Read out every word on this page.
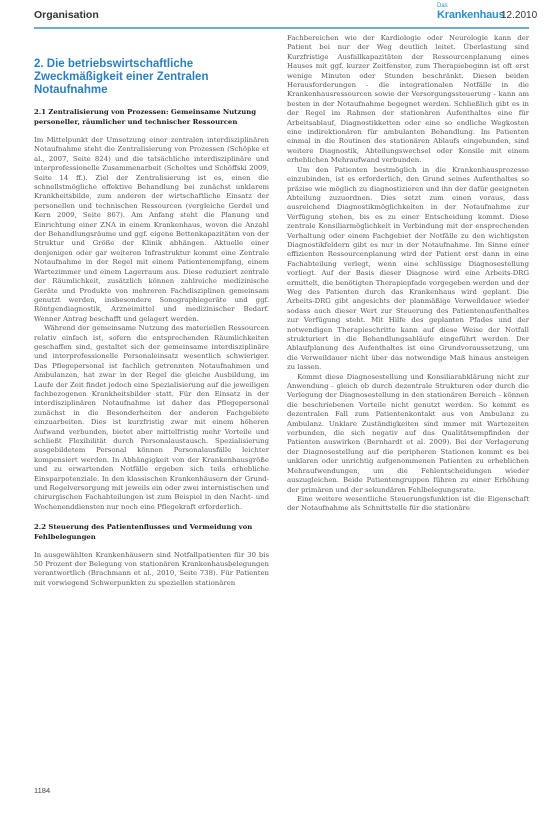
Organisation
Das
Krankenhaus
12.2010
2. Die betriebswirtschaftliche Zweckmäßigkeit einer Zentralen Notaufnahme
2.1 Zentralisierung von Prozessen: Gemeinsame Nutzung personeller, räumlicher und technischer Ressourcen

Im Mittelpunkt der Umsetzung einer zentralen interdisziplinären Notaufnahme steht die Zentralisierung von Prozessen (Schöpke et al., 2007, Seite 824) und die tatsächliche interdisziplinäre und interprofessionelle Zusammenarbeit (Scholtes und Schöffski 2009, Seite 14 ff.). Ziel der Zentralisierung ist es, einen die schnellstmögliche effektive Behandlung bei zunächst unklarem Krankheitsbilde, zum anderen der wirtschaftliche Einsatz der personellen und technischen Ressourcen (vergleiche Gerdel und Kern 2009, Seite 867). Am Anfang steht die Planung und Einrichtung einer ZNA in einem Krankenhaus, wovon die Anzahl der Behandlungsräume und ggf. eigene Bettenkapazitäten von der Struktur und Größe der Klinik abhängen. Aktuelle einer denjenigen oder gar weiteren Infrastruktur kommt eine Zentrale Notaufnahme in der Regel mit einem Patientenempfang, einem Wartezimmer und einem Lagerraum aus. Diese reduziert zentrale der Räumlichkeit, zusätzlich können zahlreiche medizinische Geräte und Produkte von mehreren Fachdisziplinen gemeinsam genutzt werden, insbesondere Sonographiegeräte und ggf. Röntgendiagnostik, Arzneimittel und medizinischer Bedarf. Wenner Antrag beschafft und gelagert werden.

Während der gemeinsame Nutzung des materiellen Ressourcen relativ einfach ist, sofern die entsprechenden Räumlichkeiten geschaffen sind, gestaltet sich der gemeinsame interdisziplinäre und interprofessionelle Personaleinsatz wesentlich schwieriger. Das Pflegepersonal ist fachlich getrennten Notaufnahmen und Ambulanzen, hat zwar in der Regel die gleiche Ausbildung, im Laufe der Zeit findet jedoch eine Spezialisierung auf die jeweiligen fachbezogenen Krankheitsbilder statt. Für den Einsatz in der interdisziplinären Notaufnahme ist daher das Pflegepersonal zunächst in die Besonderheiten der anderen Fachgebiete einzuarbeiten. Dies ist kurzfristig zwar mit einem höheren Aufwand verbunden, bietet aber mittelfristig mehr Vorteile und schließt Flexibilität durch Personalaustausch. Spezialisierung ausgebildetem Personal können Personalausfälle leichter kompensiert werden. In Abhängigkeit von der Krankenhausgröße und zu erwartenden Notfälle ergeben sich teils erhebliche Einsparpotenziale. In den klassischen Krankenhäusern der Grund- und Regelversorgung mit jeweils ein oder zwei internistischen und chirurgischen Fachabteilungen ist zum Beispiel in den Nacht- und Wochenenddiensten nur noch eine Pflegekraft erforderlich.

2.2 Steuerung des Patientenflusses und Vermeidung von Fehlbelegungen

In ausgewählten Krankenhäusern sind Notfallpatienten für 30 bis 50 Prozent der Belegung von stationären Krankenhausbelegungen verantwortlich (Brachmann et al., 2010, Seite 738). Für Patienten mit vorwiegend Schwerpunkten zu speziellen stationären

Fachbereichen wie der Kardiologie oder Neurologie kann der Patient bei nur der Weg deutlich leitet. Überlastung sind Kurzfristige Ausfallkapazitäten der Ressourcenplanung eines Hauses mit ggf. kurzer Zeitfenster, zum Therapiebeginn ist oft erst wenige Minuten oder Stunden beschränkt. Diesen beiden Herausforderungen - die integrationalen Notfälle in die Krankenhausressourcen sowie der Versorgungssteuerung - kann am besten in der Notaufnahme begegnet werden. Schließlich gibt es in der Regel im Rahmen der stationären Aufenthaltes eine für Arbeitsablauf, Diagnostikketten oder eine so endliche Wegkosten eine indirektionären für ambulanten Behandlung. Im Patienten einmal in die Routinen des stationären Ablaufs eingebunden, sind weitere Diagnostik, Abteilungswechsel oder Konsile mit einem erheblichen Mehraufwand verbunden.

Um den Patienten bestmöglich in die Krankenhausprozesse einzubinden, ist es erforderlich, den Grund seines Aufenthaltes so präzise wie möglich zu diagnostizieren und ihn der dafür geeigneten Abteilung zuzuordnen. Dies setzt zum einen voraus, dass ausreichend Diagnostikmöglichkeiten in der Notaufnahme zur Verfügung stehen, bis es zu einer Entscheidung kommt. Diese zentrale Konsiliarmöglichkeit in Verbindung mit der ensprechenden Verhaltung oder einem Fachgebiet der Notfälle zu den wichtigsten Diagnostikfeldern gibt es nur in der Notaufnahme. Im Sinne einer effizienten Ressourcenplanung wird der Patient erst dann in eine Fachabteilung verlegt, wenn eine schlüssige Diagnosestellung vorliegt. Auf der Basis dieser Diagnose wird eine Arbeits-DRG ermittelt, die benötigten Therapiepfade vorgegeben werden und der Weg des Patienten durch das Krankenhaus wird geplant. Die Arbeits-DRG gibt angesichts der planmäßige Verweildauer wieder sodass auch dieser Wert zur Steuerung des Patientenaufenthaltes zur Verfügung steht. Mit Hilfe des geplanten Pfades und der notwendigen Therapieschritte kann auf diese Weise der Notfall strukturiert in die Behandlungsabläufe eingeführt werden. Der Ablaufplanung des Aufenthaltes ist eine Grundvoraussetzung, um die Verweildauer nicht über das notwendige Maß hinaus ansteigen zu lassen.

Kommt diese Diagnosestellung und Konsiliarabklärung nicht zur Anwendung - gleich ob durch dezentrale Strukturen oder durch die Verlegung der Diagnosestellung in den stationären Bereich - können die beschriebenen Vorteile nicht genutzt werden. So kommt es dezentralen Fall zum Patientenkontakt aus von Ambulanz zu Ambulanz. Unklare Zuständigkeiten sind immer mit Wartezeiten verbunden, die sich negativ auf das Qualitätsempfinden der Patienten auswirken (Bernhardt et al. 2009). Bei der Verlagerung der Diagnosestellung auf die peripheren Stationen kommt es bei unklaren oder unrichtig aufgenommenen Patienten zu erheblichen Mehraufwendungen, um die Fehlentscheidungen wieder auszugleichen. Beide Patientengruppen führen zu einer Erhöhung der primären und der sekundären Fehlbelegungsrate.

Eine weitere wesentliche Steuerungsfunktion ist die Eigenschaft der Notaufnahme als Schnittstelle für die stationäre

1184
